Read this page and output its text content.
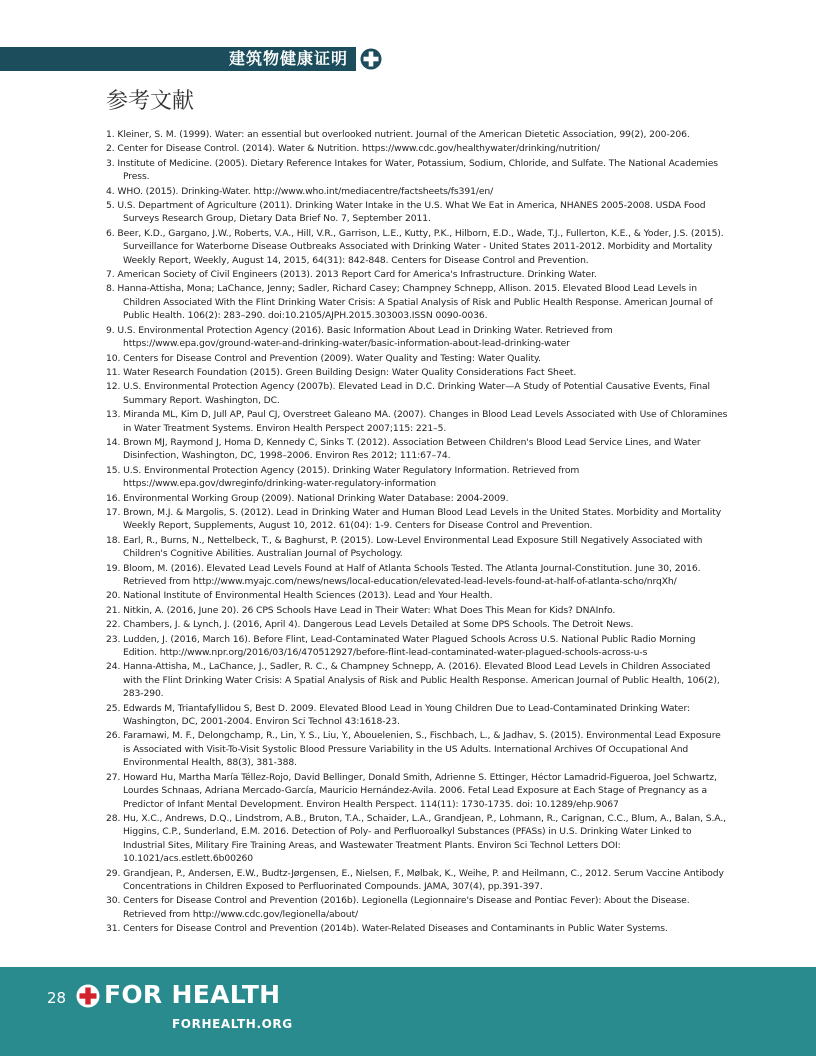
建筑物健康证明
参考文献
1. Kleiner, S. M. (1999). Water: an essential but overlooked nutrient. Journal of the American Dietetic Association, 99(2), 200-206.
2. Center for Disease Control. (2014). Water & Nutrition. https://www.cdc.gov/healthywater/drinking/nutrition/
3. Institute of Medicine. (2005). Dietary Reference Intakes for Water, Potassium, Sodium, Chloride, and Sulfate. The National Academies Press.
4. WHO. (2015). Drinking-Water. http://www.who.int/mediacentre/factsheets/fs391/en/
5. U.S. Department of Agriculture (2011). Drinking Water Intake in the U.S. What We Eat in America, NHANES 2005-2008. USDA Food Surveys Research Group, Dietary Data Brief No. 7, September 2011.
6. Beer, K.D., Gargano, J.W., Roberts, V.A., Hill, V.R., Garrison, L.E., Kutty, P.K., Hilborn, E.D., Wade, T.J., Fullerton, K.E., & Yoder, J.S. (2015). Surveillance for Waterborne Disease Outbreaks Associated with Drinking Water - United States 2011-2012. Morbidity and Mortality Weekly Report, Weekly, August 14, 2015, 64(31): 842-848. Centers for Disease Control and Prevention.
7. American Society of Civil Engineers (2013). 2013 Report Card for America's Infrastructure. Drinking Water.
8. Hanna-Attisha, Mona; LaChance, Jenny; Sadler, Richard Casey; Champney Schnepp, Allison. 2015. Elevated Blood Lead Levels in Children Associated With the Flint Drinking Water Crisis: A Spatial Analysis of Risk and Public Health Response. American Journal of Public Health. 106(2): 283–290. doi:10.2105/AJPH.2015.303003.ISSN 0090-0036.
9. U.S. Environmental Protection Agency (2016). Basic Information About Lead in Drinking Water. Retrieved from https://www.epa.gov/ground-water-and-drinking-water/basic-information-about-lead-drinking-water
10. Centers for Disease Control and Prevention (2009). Water Quality and Testing: Water Quality.
11. Water Research Foundation (2015). Green Building Design: Water Quality Considerations Fact Sheet.
12. U.S. Environmental Protection Agency (2007b). Elevated Lead in D.C. Drinking Water—A Study of Potential Causative Events, Final Summary Report. Washington, DC.
13. Miranda ML, Kim D, Jull AP, Paul CJ, Overstreet Galeano MA. (2007). Changes in Blood Lead Levels Associated with Use of Chloramines in Water Treatment Systems. Environ Health Perspect 2007;115: 221–5.
14. Brown MJ, Raymond J, Homa D, Kennedy C, Sinks T. (2012). Association Between Children's Blood Lead Service Lines, and Water Disinfection, Washington, DC, 1998–2006. Environ Res 2012; 111:67–74.
15. U.S. Environmental Protection Agency (2015). Drinking Water Regulatory Information. Retrieved from https://www.epa.gov/dwreginfo/drinking-water-regulatory-information
16. Environmental Working Group (2009). National Drinking Water Database: 2004-2009.
17. Brown, M.J. & Margolis, S. (2012). Lead in Drinking Water and Human Blood Lead Levels in the United States. Morbidity and Mortality Weekly Report, Supplements, August 10, 2012. 61(04): 1-9. Centers for Disease Control and Prevention.
18. Earl, R., Burns, N., Nettelbeck, T., & Baghurst, P. (2015). Low-Level Environmental Lead Exposure Still Negatively Associated with Children's Cognitive Abilities. Australian Journal of Psychology.
19. Bloom, M. (2016). Elevated Lead Levels Found at Half of Atlanta Schools Tested. The Atlanta Journal-Constitution. June 30, 2016. Retrieved from http://www.myajc.com/news/news/local-education/elevated-lead-levels-found-at-half-of-atlanta-scho/nrqXh/
20. National Institute of Environmental Health Sciences (2013). Lead and Your Health.
21. Nitkin, A. (2016, June 20). 26 CPS Schools Have Lead in Their Water: What Does This Mean for Kids? DNAInfo.
22. Chambers, J. & Lynch, J. (2016, April 4). Dangerous Lead Levels Detailed at Some DPS Schools. The Detroit News.
23. Ludden, J. (2016, March 16). Before Flint, Lead-Contaminated Water Plagued Schools Across U.S. National Public Radio Morning Edition. http://www.npr.org/2016/03/16/470512927/before-flint-lead-contaminated-water-plagued-schools-across-u-s
24. Hanna-Attisha, M., LaChance, J., Sadler, R. C., & Champney Schnepp, A. (2016). Elevated Blood Lead Levels in Children Associated with the Flint Drinking Water Crisis: A Spatial Analysis of Risk and Public Health Response. American Journal of Public Health, 106(2), 283-290.
25. Edwards M, Triantafyllidou S, Best D. 2009. Elevated Blood Lead in Young Children Due to Lead-Contaminated Drinking Water: Washington, DC, 2001-2004. Environ Sci Technol 43:1618-23.
26. Faramawi, M. F., Delongchamp, R., Lin, Y. S., Liu, Y., Abouelenien, S., Fischbach, L., & Jadhav, S. (2015). Environmental Lead Exposure is Associated with Visit-To-Visit Systolic Blood Pressure Variability in the US Adults. International Archives Of Occupational And Environmental Health, 88(3), 381-388.
27. Howard Hu, Martha María Téllez-Rojo, David Bellinger, Donald Smith, Adrienne S. Ettinger, Héctor Lamadrid-Figueroa, Joel Schwartz, Lourdes Schnaas, Adriana Mercado-García, Mauricio Hernández-Avila. 2006. Fetal Lead Exposure at Each Stage of Pregnancy as a Predictor of Infant Mental Development. Environ Health Perspect. 114(11): 1730-1735. doi: 10.1289/ehp.9067
28. Hu, X.C., Andrews, D.Q., Lindstrom, A.B., Bruton, T.A., Schaider, L.A., Grandjean, P., Lohmann, R., Carignan, C.C., Blum, A., Balan, S.A., Higgins, C.P., Sunderland, E.M. 2016. Detection of Poly- and Perfluoroalkyl Substances (PFASs) in U.S. Drinking Water Linked to Industrial Sites, Military Fire Training Areas, and Wastewater Treatment Plants. Environ Sci Technol Letters DOI: 10.1021/acs.estlett.6b00260
29. Grandjean, P., Andersen, E.W., Budtz-Jørgensen, E., Nielsen, F., Mølbak, K., Weihe, P. and Heilmann, C., 2012. Serum Vaccine Antibody Concentrations in Children Exposed to Perfluorinated Compounds. JAMA, 307(4), pp.391-397.
30. Centers for Disease Control and Prevention (2016b). Legionella (Legionnaire's Disease and Pontiac Fever): About the Disease. Retrieved from http://www.cdc.gov/legionella/about/
31. Centers for Disease Control and Prevention (2014b). Water-Related Diseases and Contaminants in Public Water Systems.
28 FOR HEALTH
FORHEALTH.ORG
